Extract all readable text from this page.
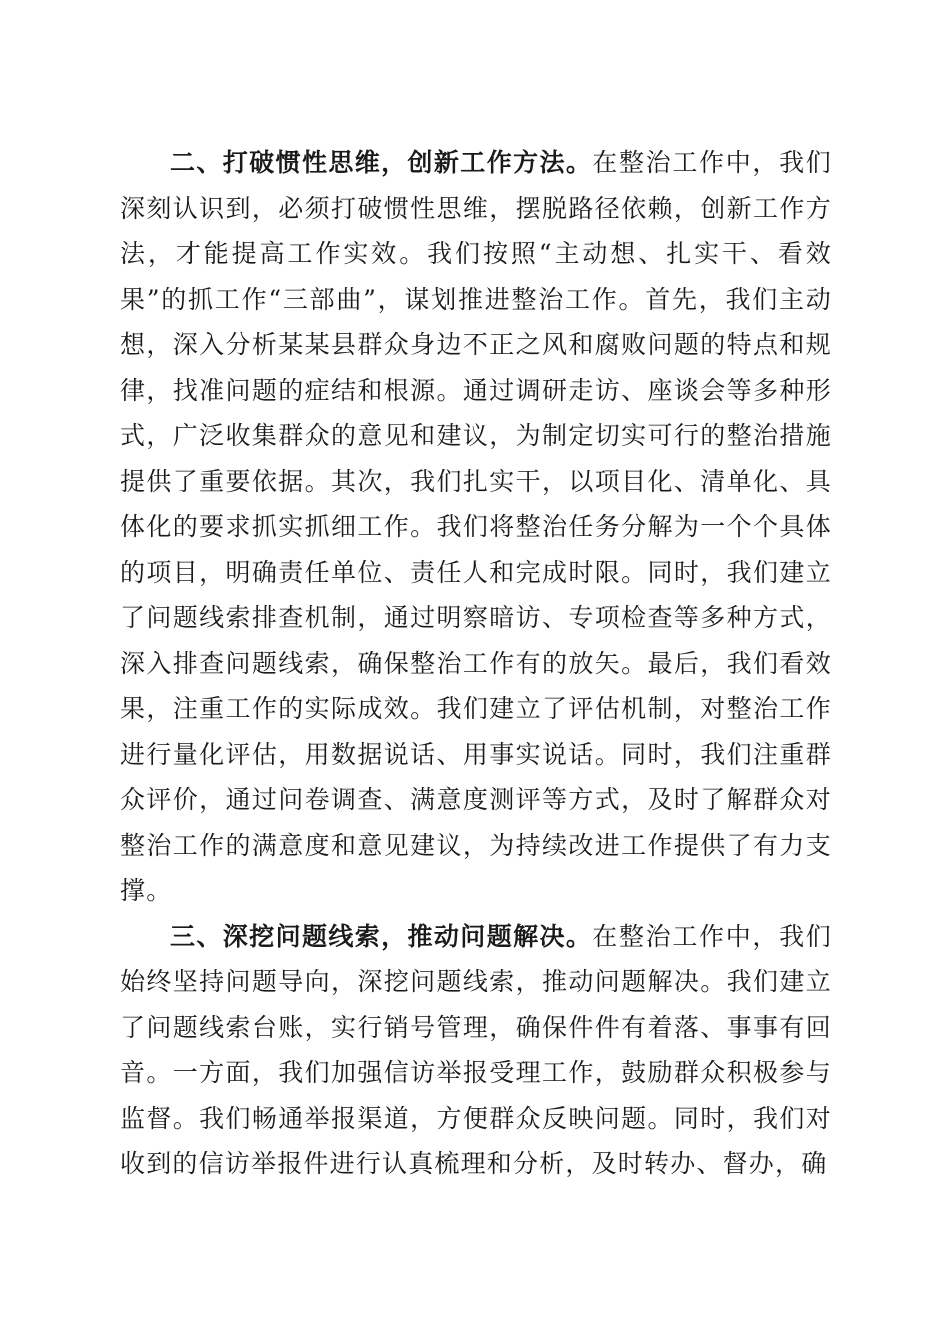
二、打破惯性思维，创新工作方法。在整治工作中，我们深刻认识到，必须打破惯性思维，摆脱路径依赖，创新工作方法，才能提高工作实效。我们按照“主动想、扎实干、看效果”的抓工作“三部曲”，谋划推进整治工作。首先，我们主动想，深入分析某某县群众身边不正之风和腐败问题的特点和规律，找准问题的症结和根源。通过调研走访、座谈会等多种形式，广泛收集群众的意见和建议，为制定切实可行的整治措施提供了重要依据。其次，我们扎实干，以项目化、清单化、具体化的要求抓实抓细工作。我们将整治任务分解为一个个具体的项目，明确责任单位、责任人和完成时限。同时，我们建立了问题线索排查机制，通过明察暗访、专项检查等多种方式，深入排查问题线索，确保整治工作有的放矢。最后，我们看效果，注重工作的实际成效。我们建立了评估机制，对整治工作进行量化评估，用数据说话、用事实说话。同时，我们注重群众评价，通过问卷调查、满意度测评等方式，及时了解群众对整治工作的满意度和意见建议，为持续改进工作提供了有力支撑。

三、深挖问题线索，推动问题解决。在整治工作中，我们始终坚持问题导向，深挖问题线索，推动问题解决。我们建立了问题线索台账，实行销号管理，确保件件有着落、事事有回音。一方面，我们加强信访举报受理工作，鼓励群众积极参与监督。我们畅通举报渠道，方便群众反映问题。同时，我们对收到的信访举报件进行认真梳理和分析，及时转办、督办，确
